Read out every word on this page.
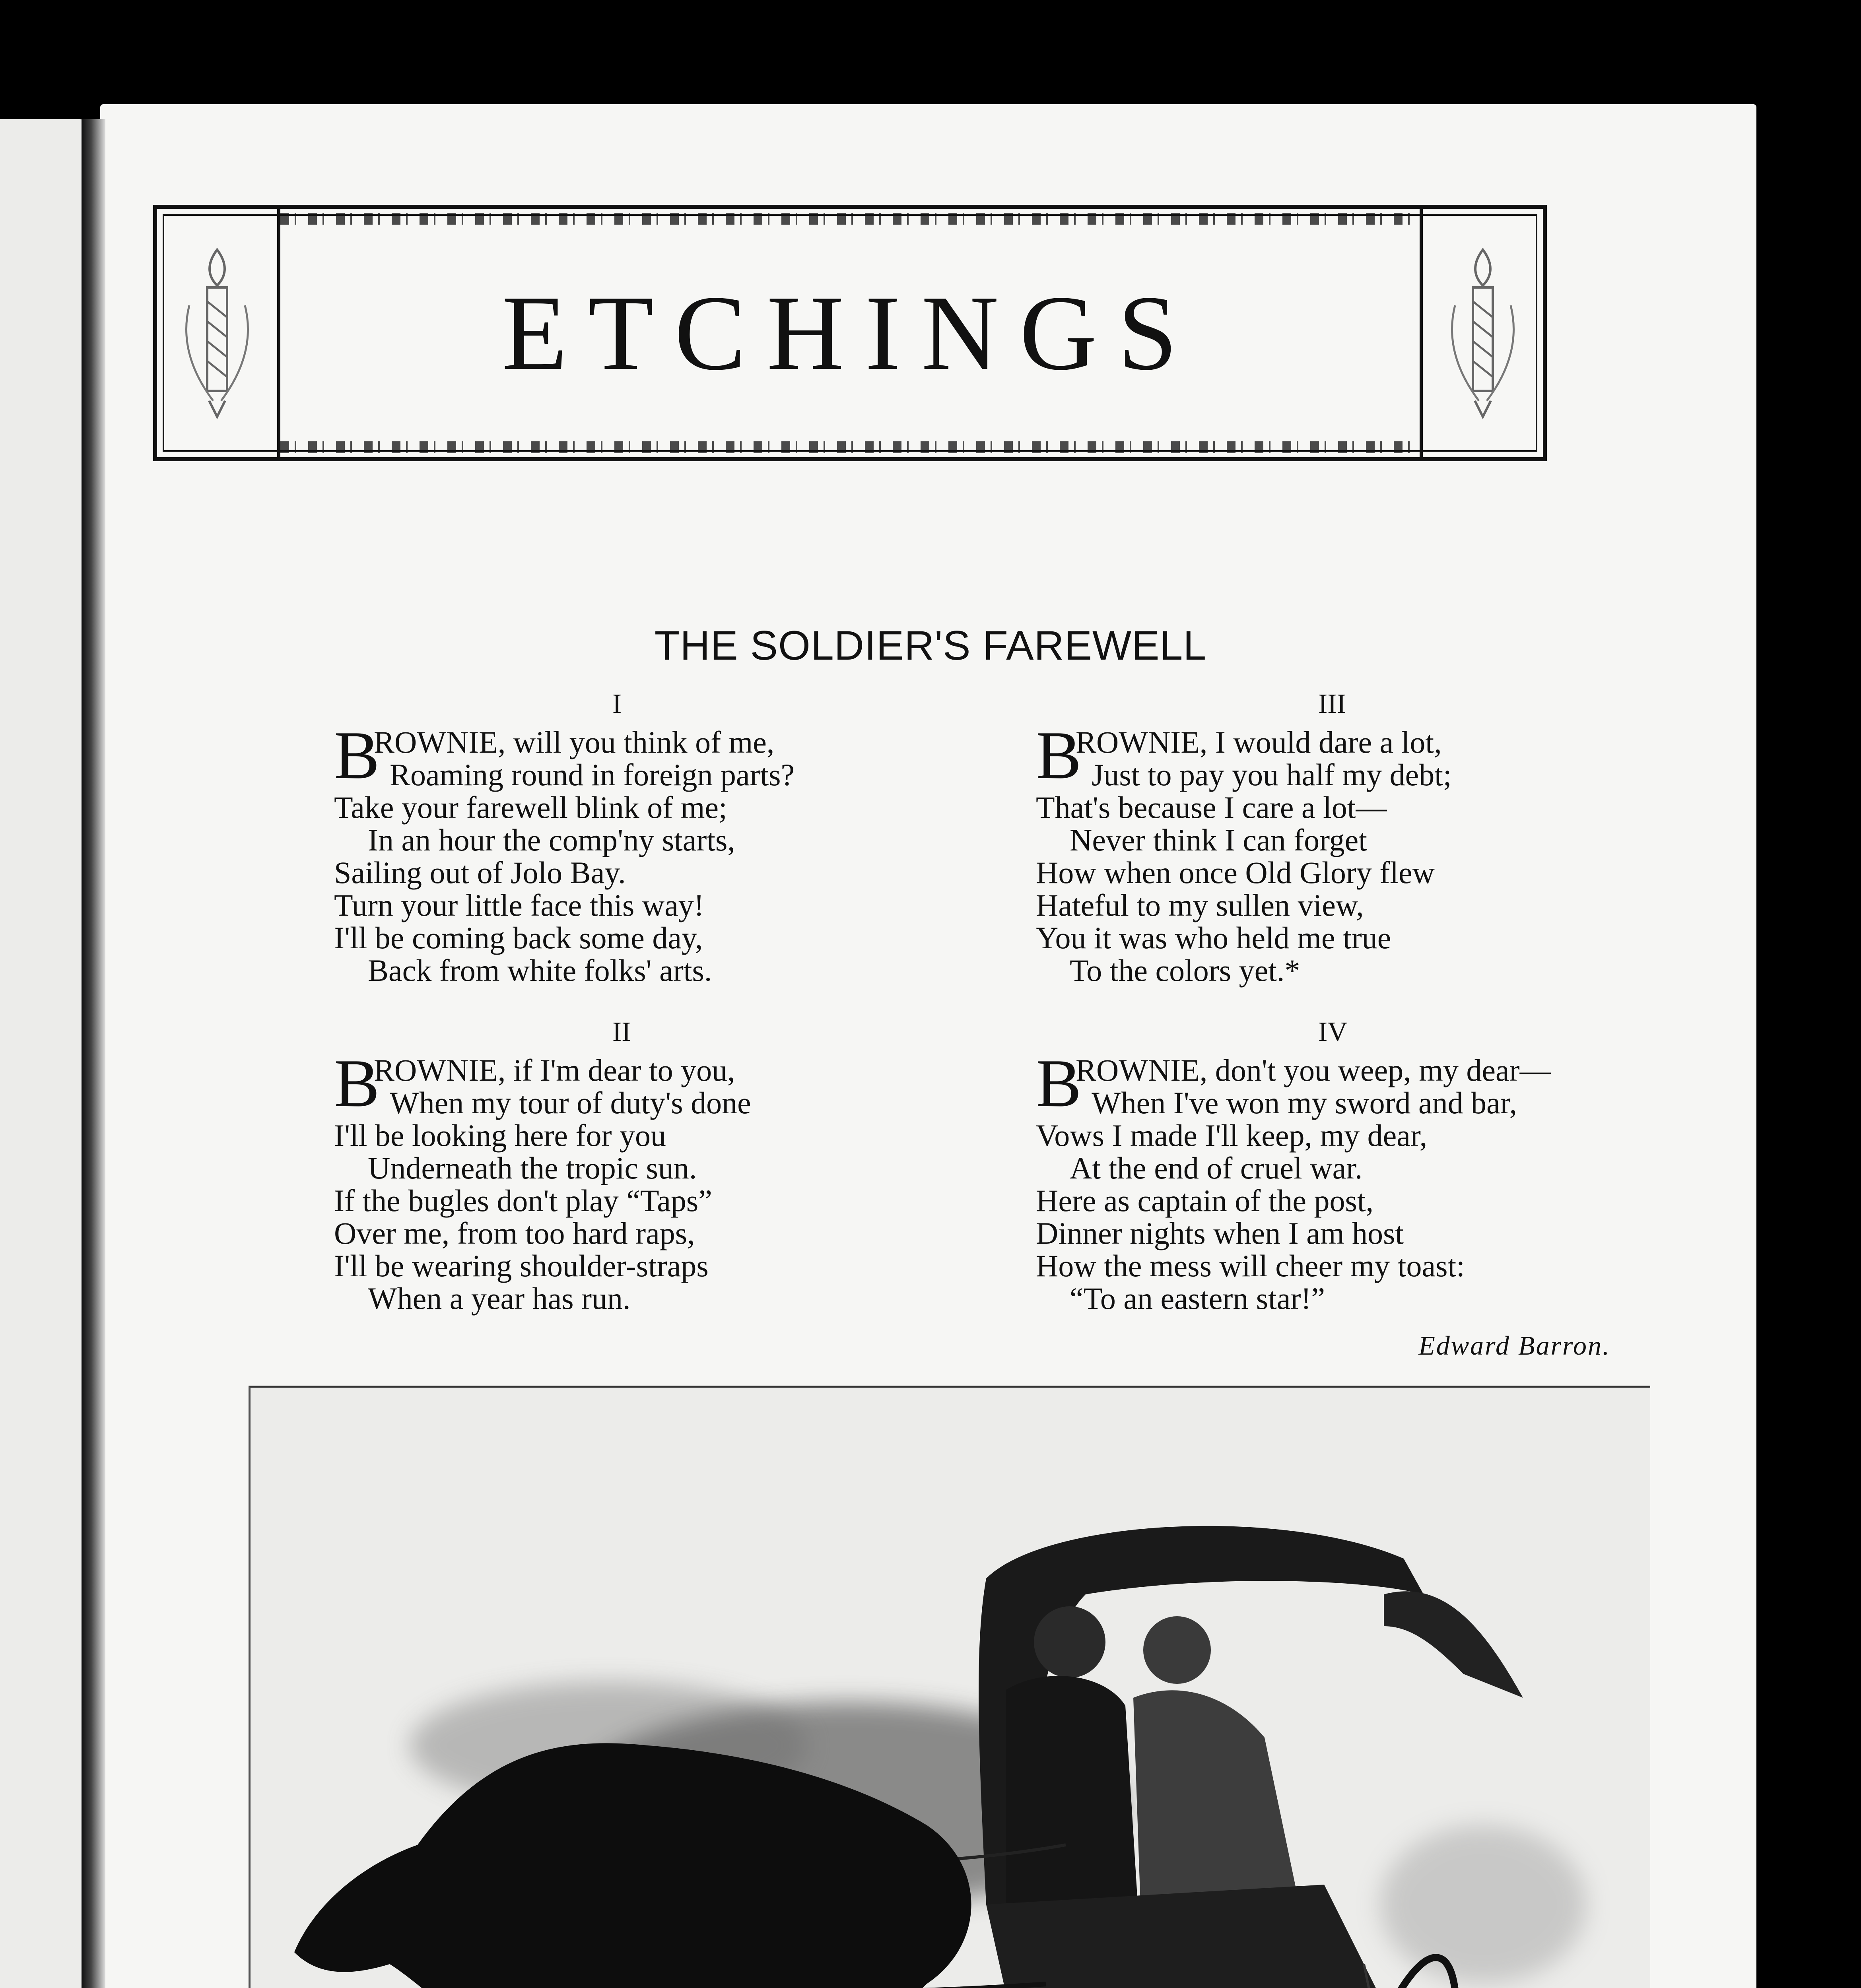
ETCHINGS
THE SOLDIER'S FAREWELL
I
B
ROWNIE, will you think of me,
Roaming round in foreign parts?
Take your farewell blink of me;
In an hour the comp'ny starts,
Sailing out of Jolo Bay.
Turn your little face this way!
I'll be coming back some day,
Back from white folks' arts.
II
B
ROWNIE, if I'm dear to you,
When my tour of duty's done
I'll be looking here for you
Underneath the tropic sun.
If the bugles don't play “Taps”
Over me, from too hard raps,
I'll be wearing shoulder-straps
When a year has run.
III
B
ROWNIE, I would dare a lot,
Just to pay you half my debt;
That's because I care a lot—
Never think I can forget
How when once Old Glory flew
Hateful to my sullen view,
You it was who held me true
To the colors yet.*
IV
B
ROWNIE, don't you weep, my dear—
When I've won my sword and bar,
Vows I made I'll keep, my dear,
At the end of cruel war.
Here as captain of the post,
Dinner nights when I am host
How the mess will cheer my toast:
“To an eastern star!”
Edward Barron.
